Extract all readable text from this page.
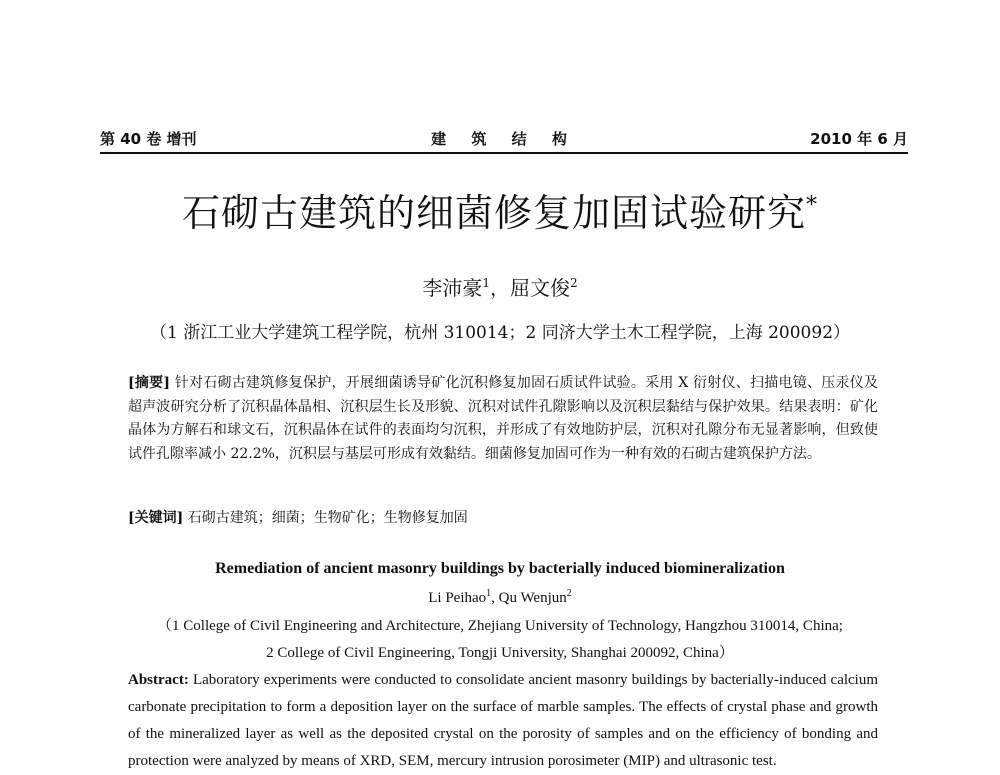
第 40 卷 增刊	建 筑 结 构	2010 年 6 月
石砌古建筑的细菌修复加固试验研究*
李沛豪$^1$，屈文俊$^2$
（1 浙江工业大学建筑工程学院，杭州 310014；2 同济大学土木工程学院，上海 200092）
[摘要] 针对石砌古建筑修复保护，开展细菌诱导矿化沉积修复加固石质试件试验。采用 X 衍射仪、扫描电镜、压汞仪及超声波研究分析了沉积晶体晶相、沉积层生长及形貌、沉积对试件孔隙影响以及沉积层黏结与保护效果。结果表明：矿化晶体为方解石和球文石，沉积晶体在试件的表面均匀沉积，并形成了有效地防护层，沉积对孔隙分布无显著影响，但致使试件孔隙率减小 22.2%，沉积层与基层可形成有效黏结。细菌修复加固可作为一种有效的石砌古建筑保护方法。
[关键词] 石砌古建筑；细菌；生物矿化；生物修复加固
Remediation of ancient masonry buildings by bacterially induced biomineralization
Li Peihao$^1$, Qu Wenjun$^2$
（1 College of Civil Engineering and Architecture, Zhejiang University of Technology, Hangzhou 310014, China;
2 College of Civil Engineering, Tongji University, Shanghai 200092, China）
Abstract: Laboratory experiments were conducted to consolidate ancient masonry buildings by bacterially-induced calcium carbonate precipitation to form a deposition layer on the surface of marble samples. The effects of crystal phase and growth of the mineralized layer as well as the deposited crystal on the porosity of samples and on the efficiency of bonding and protection were analyzed by means of XRD, SEM, mercury intrusion porosimeter (MIP) and ultrasonic test.
